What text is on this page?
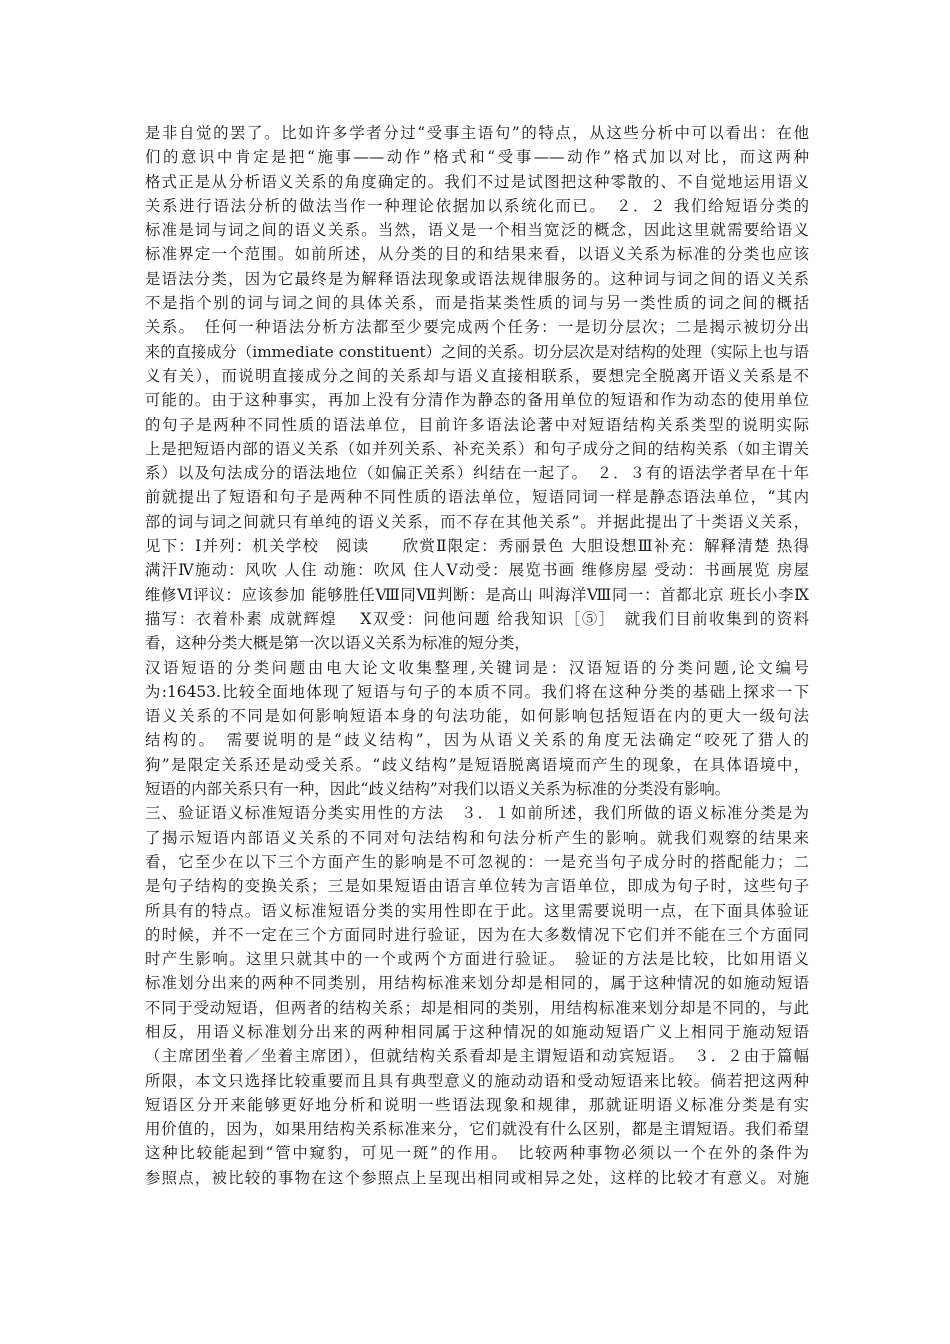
是非自觉的罢了。比如许多学者分过“受事主语句”的特点，从这些分析中可以看出：在他
们的意识中肯定是把“施事——动作”格式和“受事——动作”格式加以对比，而这两种
格式正是从分析语义关系的角度确定的。我们不过是试图把这种零散的、不自觉地运用语义
关系进行语法分析的做法当作一种理论依据加以系统化而已。　２．２ 我们给短语分类的
标准是词与词之间的语义关系。当然，语义是一个相当宽泛的概念，因此这里就需要给语义
标准界定一个范围。如前所述，从分类的目的和结果来看，以语义关系为标准的分类也应该
是语法分类，因为它最终是为解释语法现象或语法规律服务的。这种词与词之间的语义关系
不是指个别的词与词之间的具体关系，而是指某类性质的词与另一类性质的词之间的概括
关系。　任何一种语法分析方法都至少要完成两个任务：一是切分层次；二是揭示被切分出
来的直接成分（immediate constituent）之间的关系。切分层次是对结构的处理（实际上也与语
义有关），而说明直接成分之间的关系却与语义直接相联系，要想完全脱离开语义关系是不
可能的。由于这种事实，再加上没有分清作为静态的备用单位的短语和作为动态的使用单位
的句子是两种不同性质的语法单位，目前许多语法论著中对短语结构关系类型的说明实际
上是把短语内部的语义关系（如并列关系、补充关系）和句子成分之间的结构关系（如主谓关
系）以及句法成分的语法地位（如偏正关系）纠结在一起了。　２．３有的语法学者早在十年
前就提出了短语和句子是两种不同性质的语法单位，短语同词一样是静态语法单位，“其内
部的词与词之间就只有单纯的语义关系，而不存在其他关系”。并据此提出了十类语义关系，
见下：Ⅰ并列：机关学校　阅读　　欣赏Ⅱ限定：秀丽景色 大胆设想Ⅲ补充：解释清楚 热得
满汗Ⅳ施动：风吹 人住 动施：吹风 住人Ⅴ动受：展览书画 维修房屋 受动：书画展览 房屋
维修Ⅵ评议：应该参加 能够胜任Ⅷ同Ⅶ判断：是高山 叫海洋Ⅷ同一：首都北京 班长小李Ⅸ
描写：衣着朴素 成就辉煌　 Ⅹ双受：问他问题 给我知识［⑤］　就我们目前收集到的资料
看，这种分类大概是第一次以语义关系为标准的短分类，
汉语短语的分类问题由电大论文收集整理,关键词是：汉语短语的分类问题,论文编号
为:16453.比较全面地体现了短语与句子的本质不同。我们将在这种分类的基础上探求一下
语义关系的不同是如何影响短语本身的句法功能，如何影响包括短语在内的更大一级句法
结构的。　需要说明的是“歧义结构”，因为从语义关系的角度无法确定“咬死了猎人的
狗”是限定关系还是动受关系。“歧义结构”是短语脱离语境而产生的现象，在具体语境中，
短语的内部关系只有一种，因此“歧义结构”对我们以语义关系为标准的分类没有影响。
三、验证语义标准短语分类实用性的方法　３．１如前所述，我们所做的语义标准分类是为
了揭示短语内部语义关系的不同对句法结构和句法分析产生的影响。就我们观察的结果来
看，它至少在以下三个方面产生的影响是不可忽视的：一是充当句子成分时的搭配能力；二
是句子结构的变换关系；三是如果短语由语言单位转为言语单位，即成为句子时，这些句子
所具有的特点。语义标准短语分类的实用性即在于此。这里需要说明一点，在下面具体验证
的时候，并不一定在三个方面同时进行验证，因为在大多数情况下它们并不能在三个方面同
时产生影响。这里只就其中的一个或两个方面进行验证。　验证的方法是比较，比如用语义
标准划分出来的两种不同类别，用结构标准来划分却是相同的，属于这种情况的如施动短语
不同于受动短语，但两者的结构关系；却是相同的类别，用结构标准来划分却是不同的，与此
相反，用语义标准划分出来的两种相同属于这种情况的如施动短语广义上相同于施动短语
（主席团坐着／坐着主席团），但就结构关系看却是主谓短语和动宾短语。　３．２由于篇幅
所限，本文只选择比较重要而且具有典型意义的施动动语和受动短语来比较。倘若把这两种
短语区分开来能够更好地分析和说明一些语法现象和规律，那就证明语义标准分类是有实
用价值的，因为，如果用结构关系标准来分，它们就没有什么区别，都是主谓短语。我们希望
这种比较能起到“管中窥豹，可见一斑”的作用。　比较两种事物必须以一个在外的条件为
参照点，被比较的事物在这个参照点上呈现出相同或相异之处，这样的比较才有意义。对施
